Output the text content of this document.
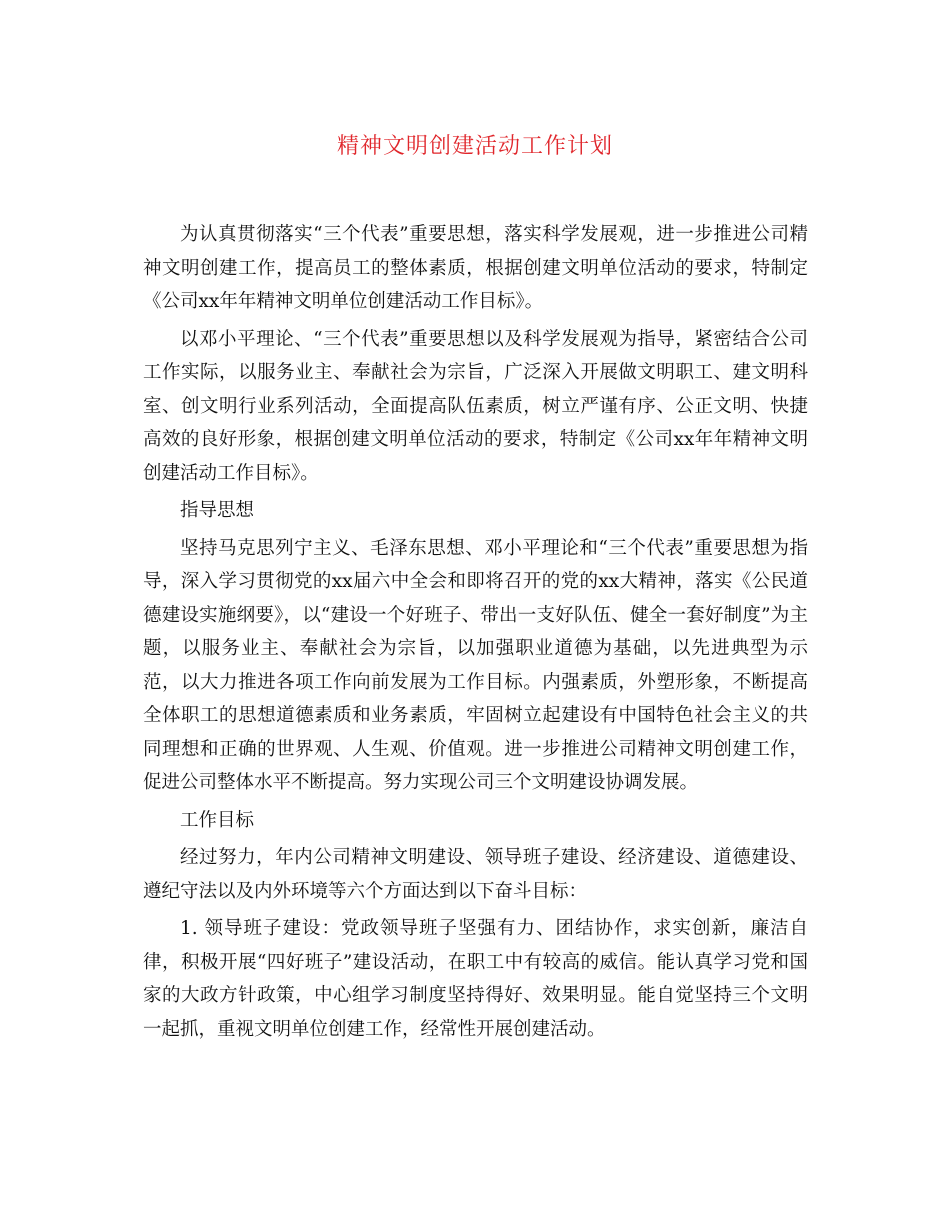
精神文明创建活动工作计划

为认真贯彻落实“三个代表”重要思想，落实科学发展观，进一步推进公司精神文明创建工作，提高员工的整体素质，根据创建文明单位活动的要求，特制定《公司xx年年精神文明单位创建活动工作目标》。

以邓小平理论、“三个代表”重要思想以及科学发展观为指导，紧密结合公司工作实际，以服务业主、奉献社会为宗旨，广泛深入开展做文明职工、建文明科室、创文明行业系列活动，全面提高队伍素质，树立严谨有序、公正文明、快捷高效的良好形象，根据创建文明单位活动的要求，特制定《公司xx年年精神文明创建活动工作目标》。

指导思想

坚持马克思列宁主义、毛泽东思想、邓小平理论和“三个代表”重要思想为指导，深入学习贯彻党的xx届六中全会和即将召开的党的xx大精神，落实《公民道德建设实施纲要》，以“建设一个好班子、带出一支好队伍、健全一套好制度”为主题，以服务业主、奉献社会为宗旨，以加强职业道德为基础，以先进典型为示范，以大力推进各项工作向前发展为工作目标。内强素质，外塑形象，不断提高全体职工的思想道德素质和业务素质，牢固树立起建设有中国特色社会主义的共同理想和正确的世界观、人生观、价值观。进一步推进公司精神文明创建工作，促进公司整体水平不断提高。努力实现公司三个文明建设协调发展。

工作目标

经过努力，年内公司精神文明建设、领导班子建设、经济建设、道德建设、遵纪守法以及内外环境等六个方面达到以下奋斗目标：

1. 领导班子建设：党政领导班子坚强有力、团结协作，求实创新，廉洁自律，积极开展“四好班子”建设活动，在职工中有较高的威信。能认真学习党和国家的大政方针政策，中心组学习制度坚持得好、效果明显。能自觉坚持三个文明一起抓，重视文明单位创建工作，经常性开展创建活动。
